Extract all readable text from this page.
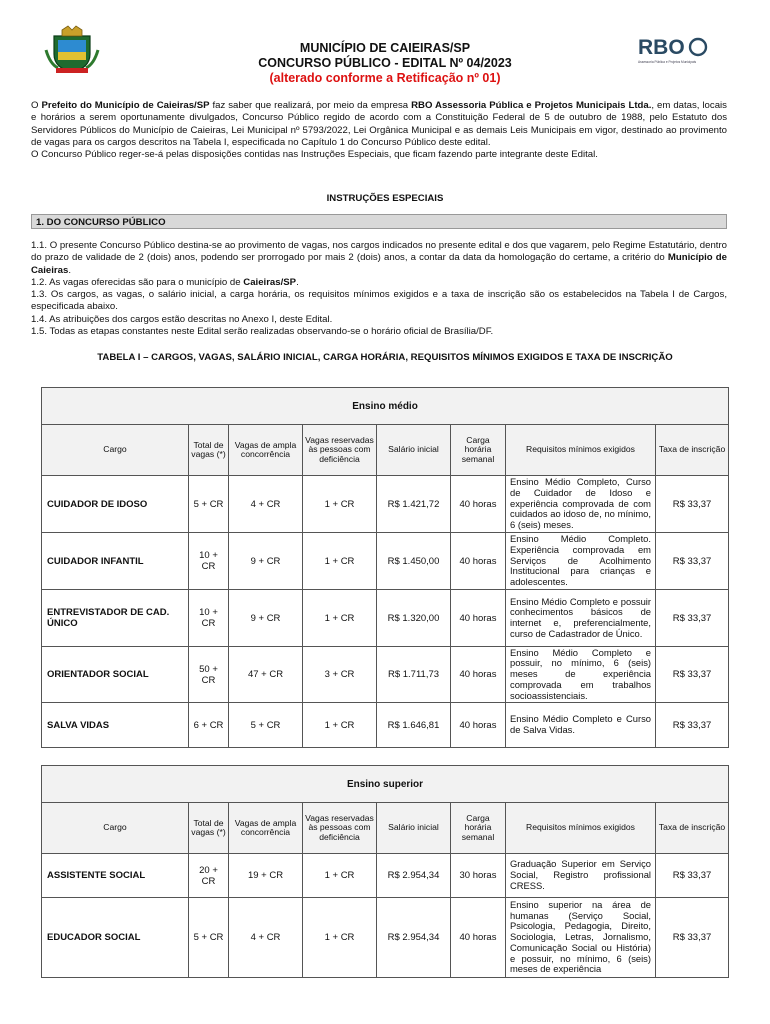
MUNICÍPIO DE CAIEIRAS/SP
CONCURSO PÚBLICO - EDITAL Nº 04/2023
(alterado conforme a Retificação nº 01)
RBO
Assessoria Pública e Projetos Municipais

O Prefeito do Município de Caieiras/SP faz saber que realizará, por meio da empresa RBO Assessoria Pública e Projetos Municipais Ltda., em datas, locais e horários a serem oportunamente divulgados, Concurso Público regido de acordo com a Constituição Federal de 5 de outubro de 1988, pelo Estatuto dos Servidores Públicos do Município de Caieiras, Lei Municipal nº 5793/2022, Lei Orgânica Municipal e as demais Leis Municipais em vigor, destinado ao provimento de vagas para os cargos descritos na Tabela I, especificada no Capítulo 1 do Concurso Público deste edital.

O Concurso Público reger-se-á pelas disposições contidas nas Instruções Especiais, que ficam fazendo parte integrante deste Edital.

INSTRUÇÕES ESPECIAIS
1. DO CONCURSO PÚBLICO

1.1. O presente Concurso Público destina-se ao provimento de vagas, nos cargos indicados no presente edital e dos que vagarem, pelo Regime Estatutário, dentro do prazo de validade de 2 (dois) anos, podendo ser prorrogado por mais 2 (dois) anos, a contar da data da homologação do certame, a critério do Município de Caieiras.

1.2. As vagas oferecidas são para o município de Caieiras/SP.

1.3. Os cargos, as vagas, o salário inicial, a carga horária, os requisitos mínimos exigidos e a taxa de inscrição são os estabelecidos na Tabela I de Cargos, especificada abaixo.

1.4. As atribuições dos cargos estão descritas no Anexo I, deste Edital.

1.5. Todas as etapas constantes neste Edital serão realizadas observando-se o horário oficial de Brasília/DF.

TABELA I – CARGOS, VAGAS, SALÁRIO INICIAL, CARGA HORÁRIA, REQUISITOS MÍNIMOS EXIGIDOS E TAXA DE INSCRIÇÃO
Ensino médio							
Cargo	Total de vagas (*)	Vagas de ampla concorrência	Vagas reservadas às pessoas com deficiência	Salário inicial	Carga horária semanal	Requisitos mínimos exigidos	Taxa de inscrição
CUIDADOR DE IDOSO	5 + CR	4 + CR	1 + CR	R$ 1.421,72	40 horas	Ensino Médio Completo, Curso de Cuidador de Idoso e experiência comprovada de com cuidados ao idoso de, no mínimo, 6 (seis) meses.	R$ 33,37
CUIDADOR INFANTIL	10 + CR	9 + CR	1 + CR	R$ 1.450,00	40 horas	Ensino Médio Completo. Experiência comprovada em Serviços de Acolhimento Institucional para crianças e adolescentes.	R$ 33,37
ENTREVISTADOR DE CAD. ÚNICO	10 + CR	9 + CR	1 + CR	R$ 1.320,00	40 horas	Ensino Médio Completo e possuir conhecimentos básicos de internet e, preferencialmente, curso de Cadastrador de Único.	R$ 33,37
ORIENTADOR SOCIAL	50 + CR	47 + CR	3 + CR	R$ 1.711,73	40 horas	Ensino Médio Completo e possuir, no mínimo, 6 (seis) meses de experiência comprovada em trabalhos socioassistenciais.	R$ 33,37
SALVA VIDAS	6 + CR	5 + CR	1 + CR	R$ 1.646,81	40 horas	Ensino Médio Completo e Curso de Salva Vidas.	R$ 33,37
Ensino superior							
Cargo	Total de vagas (*)	Vagas de ampla concorrência	Vagas reservadas às pessoas com deficiência	Salário inicial	Carga horária semanal	Requisitos mínimos exigidos	Taxa de inscrição
ASSISTENTE SOCIAL	20 + CR	19 + CR	1 + CR	R$ 2.954,34	30 horas	Graduação Superior em Serviço Social, Registro profissional CRESS.	R$ 33,37
EDUCADOR SOCIAL	5 + CR	4 + CR	1 + CR	R$ 2.954,34	40 horas	Ensino superior na área de humanas (Serviço Social, Psicologia, Pedagogia, Direito, Sociologia, Letras, Jornalismo, Comunicação Social ou História) e possuir, no mínimo, 6 (seis) meses de experiência	R$ 33,37
